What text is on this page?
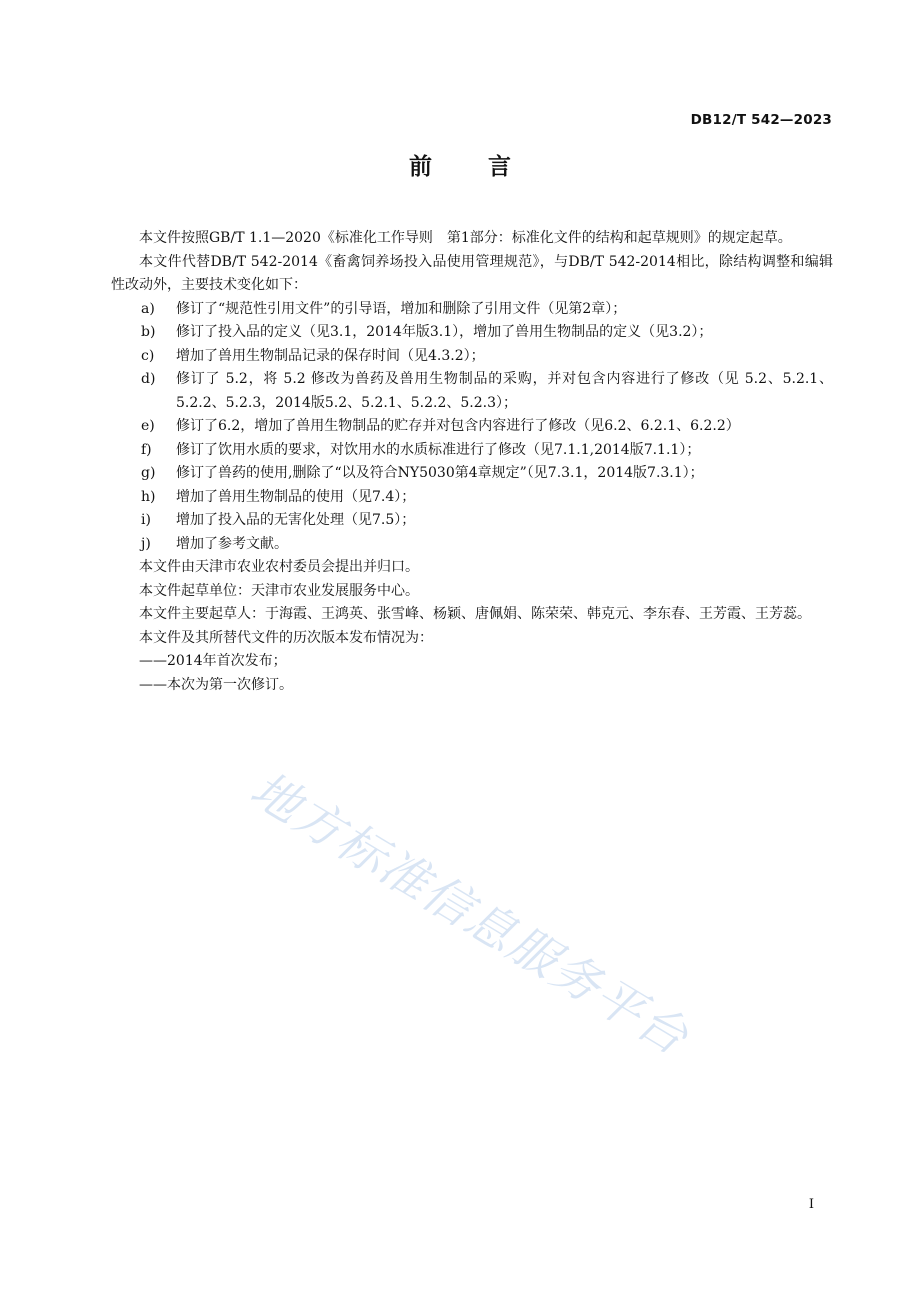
DB12/T 542—2023
前言

本文件按照GB/T 1.1—2020《标准化工作导则　第1部分：标准化文件的结构和起草规则》的规定起草。

本文件代替DB/T 542-2014《畜禽饲养场投入品使用管理规范》，与DB/T 542-2014相比，除结构调整和编辑性改动外，主要技术变化如下：

a)	修订了“规范性引用文件”的引导语，增加和删除了引用文件（见第2章）；
b)	修订了投入品的定义（见3.1，2014年版3.1），增加了兽用生物制品的定义（见3.2）；
c)	增加了兽用生物制品记录的保存时间（见4.3.2）；
d)	修订了 5.2，将 5.2 修改为兽药及兽用生物制品的采购，并对包含内容进行了修改（见 5.2、5.2.1、5.2.2、5.2.3，2014版5.2、5.2.1、5.2.2、5.2.3）；
e)	修订了6.2，增加了兽用生物制品的贮存并对包含内容进行了修改（见6.2、6.2.1、6.2.2）
f)	修订了饮用水质的要求，对饮用水的水质标准进行了修改（见7.1.1,2014版7.1.1）；
g)	修订了兽药的使用,删除了“以及符合NY5030第4章规定”（见7.3.1，2014版7.3.1）；
h)	增加了兽用生物制品的使用（见7.4）；
i)	增加了投入品的无害化处理（见7.5）；
j)	增加了参考文献。

本文件由天津市农业农村委员会提出并归口。

本文件起草单位：天津市农业发展服务中心。

本文件主要起草人：于海霞、王鸿英、张雪峰、杨颖、唐佩娟、陈荣荣、韩克元、李东春、王芳霞、王芳蕊。

本文件及其所替代文件的历次版本发布情况为：

——2014年首次发布；

——本次为第一次修订。

地方标准信息服务平台
I
